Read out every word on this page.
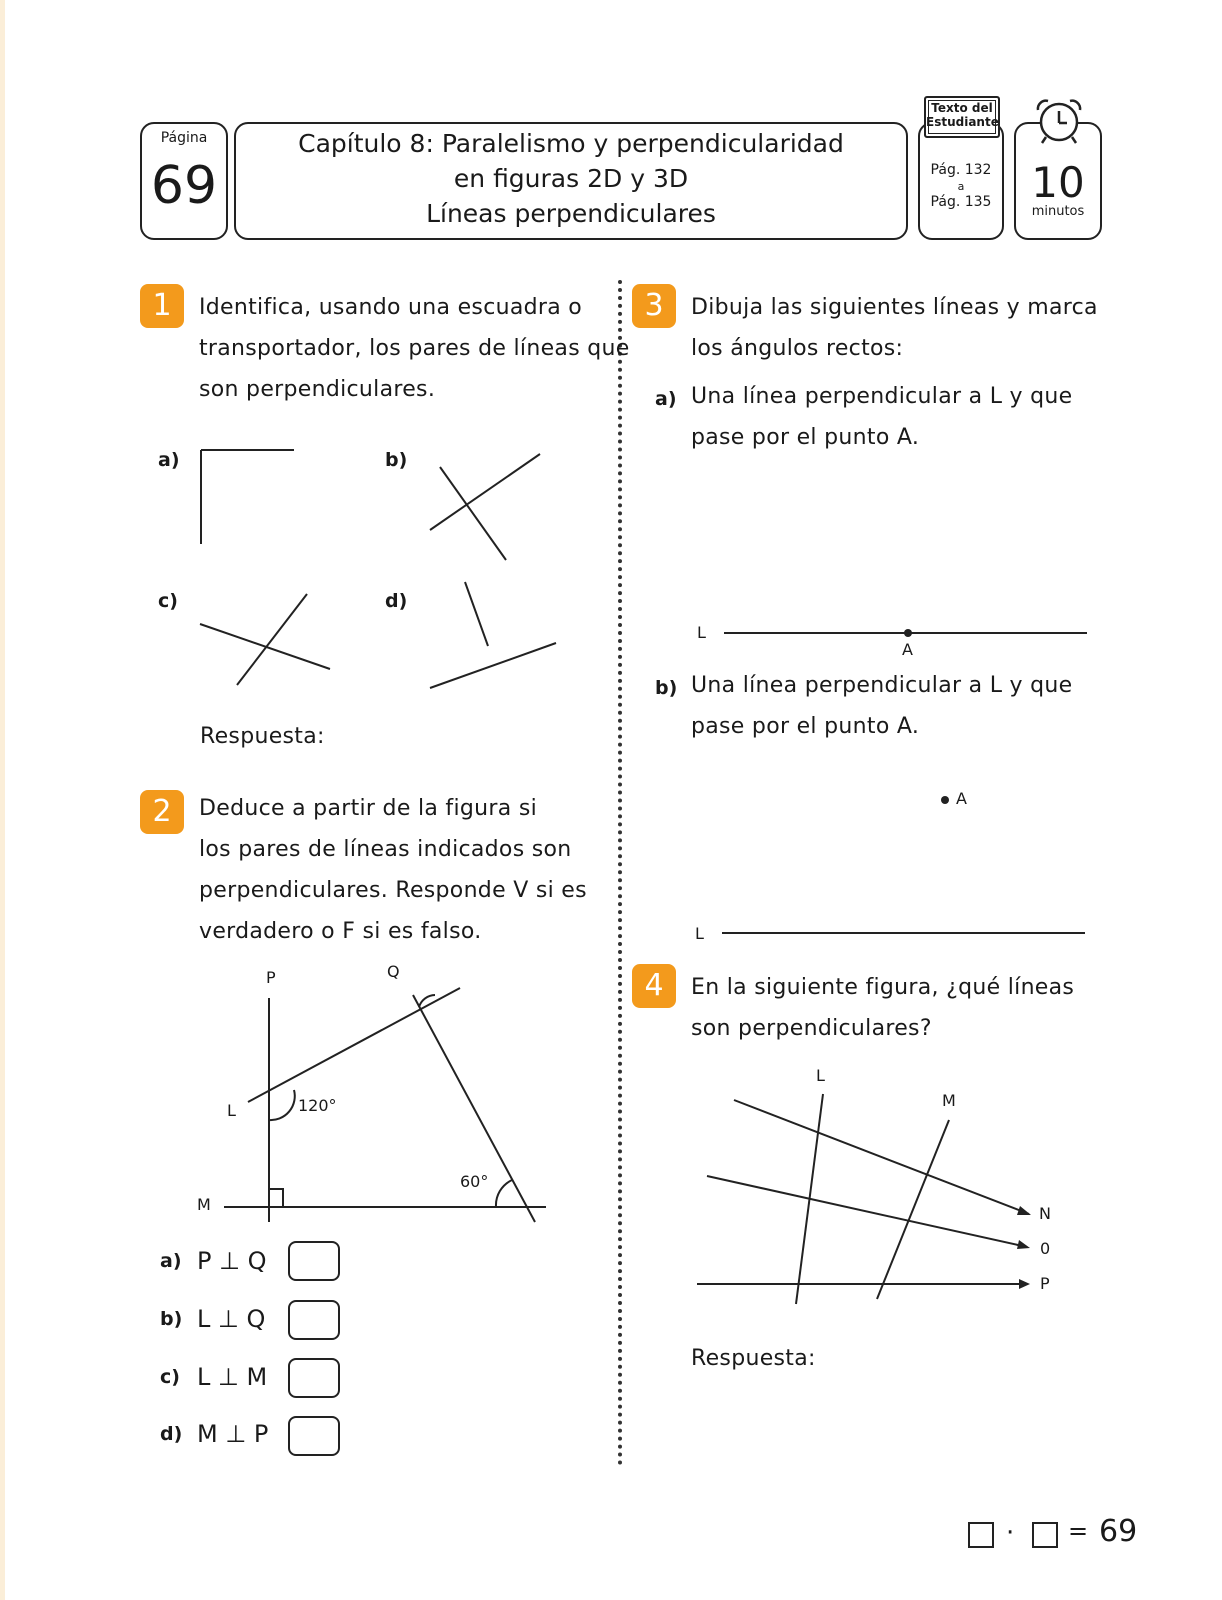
Página
69
Capítulo 8: Paralelismo y perpendicularidad
en figuras 2D y 3D
Líneas perpendiculares
Pág. 132
a
Pág. 135
Texto del
Estudiante
10
minutos
1	Identifica, usando una escuadra o
transportador, los pares de líneas que
son perpendiculares.
a)	b)
c)	d)
Respuesta:
2	Deduce a partir de la figura si
los pares de líneas indicados son
perpendiculares. Responde V si es
verdadero o F si es falso.
P	Q
L
M
120°
60°
a) P ⊥ Q
b) L ⊥ Q
c) L ⊥ M
d) M ⊥ P
3	Dibuja las siguientes líneas y marca
los ángulos rectos:
a) Una línea perpendicular a L y que
pase por el punto A.
L
A
b) Una línea perpendicular a L y que
pase por el punto A.
A
L
4	En la siguiente figura, ¿qué líneas
son perpendiculares?
L
M
N
0
P
Respuesta:
· = 69
